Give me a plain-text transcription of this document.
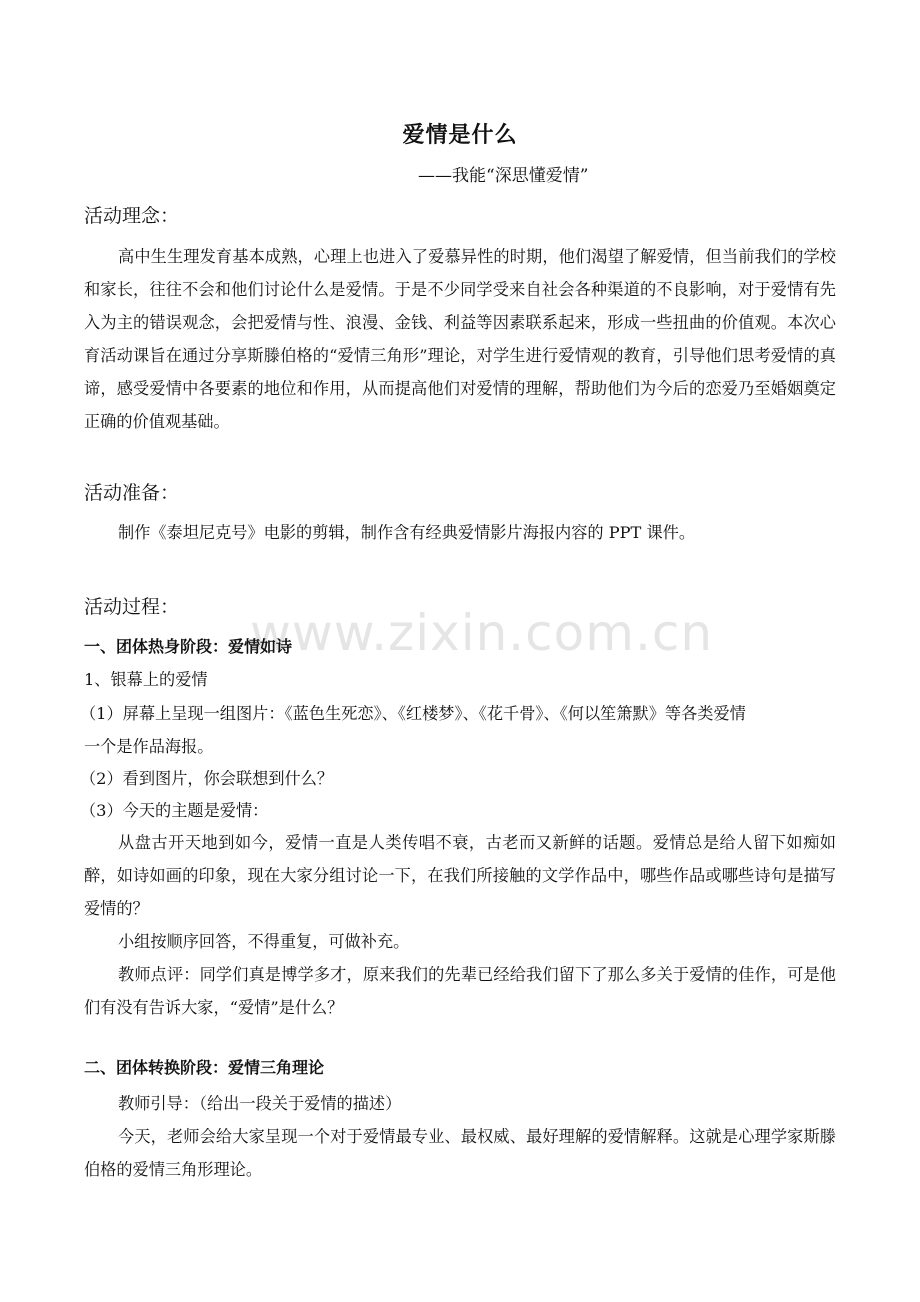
www.zixin.com.cn
爱情是什么
——我能“深思懂爱情”
活动理念：

高中生生理发育基本成熟，心理上也进入了爱慕异性的时期，他们渴望了解爱情，但当前我们的学校和家长，往往不会和他们讨论什么是爱情。于是不少同学受来自社会各种渠道的不良影响，对于爱情有先入为主的错误观念，会把爱情与性、浪漫、金钱、利益等因素联系起来，形成一些扭曲的价值观。本次心育活动课旨在通过分享斯滕伯格的“爱情三角形”理论，对学生进行爱情观的教育，引导他们思考爱情的真谛，感受爱情中各要素的地位和作用，从而提高他们对爱情的理解，帮助他们为今后的恋爱乃至婚姻奠定正确的价值观基础。

活动准备：

制作《泰坦尼克号》电影的剪辑，制作含有经典爱情影片海报内容的 PPT 课件。

活动过程：
一、团体热身阶段：爱情如诗
1、银幕上的爱情
（1）屏幕上呈现一组图片：《蓝色生死恋》、《红楼梦》、《花千骨》、《何以笙箫默》等各类爱情
一个是作品海报。
（2）看到图片，你会联想到什么？
（3）今天的主题是爱情：

从盘古开天地到如今，爱情一直是人类传唱不衰，古老而又新鲜的话题。爱情总是给人留下如痴如醉，如诗如画的印象，现在大家分组讨论一下，在我们所接触的文学作品中，哪些作品或哪些诗句是描写爱情的？

小组按顺序回答，不得重复，可做补充。

教师点评：同学们真是博学多才，原来我们的先辈已经给我们留下了那么多关于爱情的佳作，可是他们有没有告诉大家，“爱情”是什么？

二、团体转换阶段：爱情三角理论
教师引导：（给出一段关于爱情的描述）

今天，老师会给大家呈现一个对于爱情最专业、最权威、最好理解的爱情解释。这就是心理学家斯滕伯格的爱情三角形理论。
